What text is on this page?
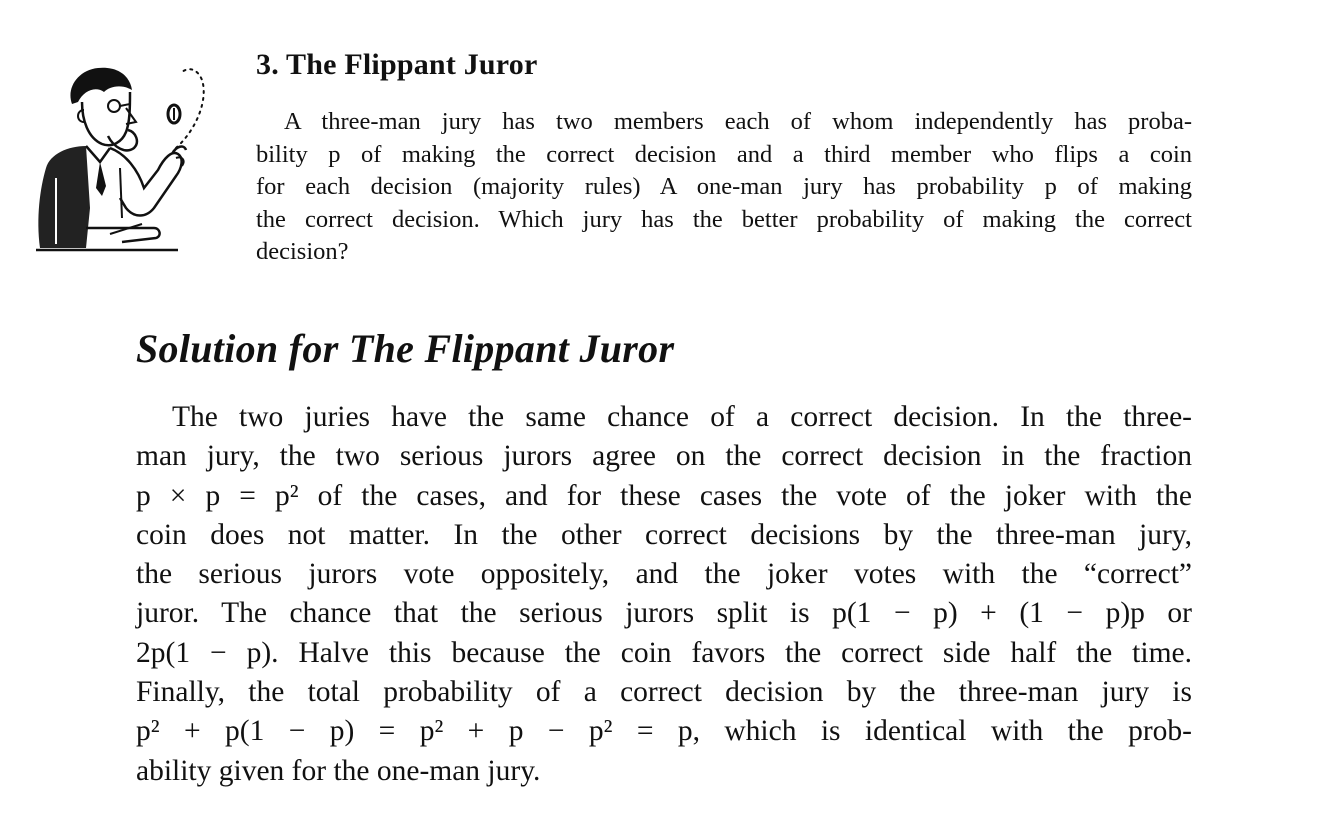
3. The Flippant Juror
A three-man jury has two members each of whom independently has proba-
bility p of making the correct decision and a third member who flips a coin
for each decision (majority rules) A one-man jury has probability p of making
the correct decision. Which jury has the better probability of making the correct
decision?
Solution for The Flippant Juror
The two juries have the same chance of a correct decision. In the three-
man jury, the two serious jurors agree on the correct decision in the fraction
p × p = p² of the cases, and for these cases the vote of the joker with the
coin does not matter. In the other correct decisions by the three-man jury,
the serious jurors vote oppositely, and the joker votes with the “correct”
juror. The chance that the serious jurors split is p(1 − p) + (1 − p)p or
2p(1 − p). Halve this because the coin favors the correct side half the time.
Finally, the total probability of a correct decision by the three-man jury is
p² + p(1 − p) = p² + p − p² = p, which is identical with the prob-
ability given for the one-man jury.
